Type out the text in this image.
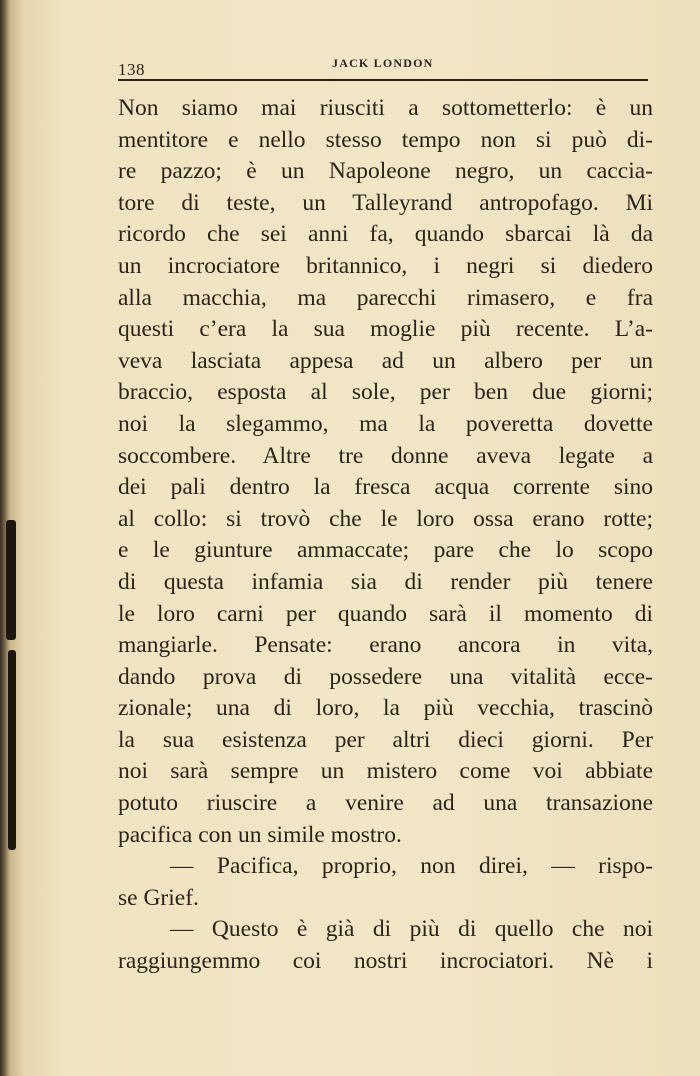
138	JACK LONDON
Non siamo mai riusciti a sottometterlo: è un
mentitore e nello stesso tempo non si può di-
re pazzo; è un Napoleone negro, un caccia-
tore di teste, un Talleyrand antropofago. Mi
ricordo che sei anni fa, quando sbarcai là da
un incrociatore britannico, i negri si diedero
alla macchia, ma parecchi rimasero, e fra
questi c’era la sua moglie più recente. L’a-
veva lasciata appesa ad un albero per un
braccio, esposta al sole, per ben due giorni;
noi la slegammo, ma la poveretta dovette
soccombere. Altre tre donne aveva legate a
dei pali dentro la fresca acqua corrente sino
al collo: si trovò che le loro ossa erano rotte;
e le giunture ammaccate; pare che lo scopo
di questa infamia sia di render più tenere
le loro carni per quando sarà il momento di
mangiarle. Pensate: erano ancora in vita,
dando prova di possedere una vitalità ecce-
zionale; una di loro, la più vecchia, trascinò
la sua esistenza per altri dieci giorni. Per
noi sarà sempre un mistero come voi abbiate
potuto riuscire a venire ad una transazione
pacifica con un simile mostro.
— Pacifica, proprio, non direi, — rispo-
se Grief.
— Questo è già di più di quello che noi
raggiungemmo coi nostri incrociatori. Nè i
